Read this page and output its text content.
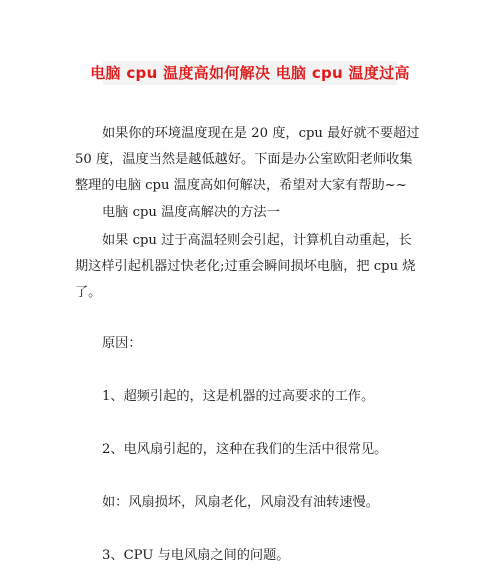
电脑 cpu 温度高如何解决 电脑 cpu 温度过高
如果你的环境温度现在是 20 度，cpu 最好就不要超过
50 度，温度当然是越低越好。下面是办公室欧阳老师收集
整理的电脑 cpu 温度高如何解决，希望对大家有帮助~~
电脑 cpu 温度高解决的方法一
如果 cpu 过于高温轻则会引起，计算机自动重起，长
期这样引起机器过快老化;过重会瞬间损坏电脑，把 cpu 烧
了。
原因：
1、超频引起的，这是机器的过高要求的工作。
2、电风扇引起的，这种在我们的生活中很常见。
如：风扇损坏，风扇老化，风扇没有油转速慢。
3、CPU 与电风扇之间的问题。
